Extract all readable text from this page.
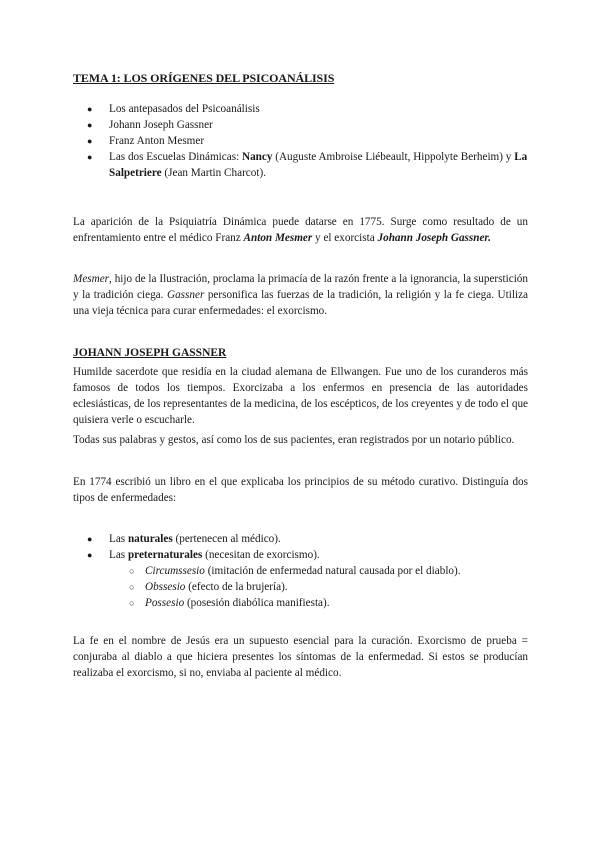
TEMA 1: LOS ORÍGENES DEL PSICOANÁLISIS
● Los antepasados del Psicoanálisis
● Johann Joseph Gassner
● Franz Anton Mesmer
● Las dos Escuelas Dinámicas: Nancy (Auguste Ambroise Liébeault, Hippolyte Berheim) y La Salpetriere (Jean Martin Charcot).

La aparición de la Psiquiatría Dinámica puede datarse en 1775. Surge como resultado de un enfrentamiento entre el médico Franz Anton Mesmer y el exorcista Johann Joseph Gassner.

Mesmer, hijo de la Ilustración, proclama la primacía de la razón frente a la ignorancia, la superstición y la tradición ciega. Gassner personifica las fuerzas de la tradición, la religión y la fe ciega. Utiliza una vieja técnica para curar enfermedades: el exorcismo.

JOHANN JOSEPH GASSNER

Humilde sacerdote que residía en la ciudad alemana de Ellwangen. Fue uno de los curanderos más famosos de todos los tiempos. Exorcizaba a los enfermos en presencia de las autoridades eclesiásticas, de los representantes de la medicina, de los escépticos, de los creyentes y de todo el que quisiera verle o escucharle.

Todas sus palabras y gestos, así como los de sus pacientes, eran registrados por un notario público.

En 1774 escribió un libro en el que explicaba los principios de su método curativo. Distinguía dos tipos de enfermedades:

● Las naturales (pertenecen al médico).
● Las preternaturales (necesitan de exorcismo).
○ Circumssesio (imitación de enfermedad natural causada por el diablo).
○ Obssesio (efecto de la brujería).
○ Possesio (posesión diabólica manifiesta).

La fe en el nombre de Jesús era un supuesto esencial para la curación. Exorcismo de prueba = conjuraba al diablo a que hiciera presentes los síntomas de la enfermedad. Si estos se producían realizaba el exorcismo, si no, enviaba al paciente al médico.
